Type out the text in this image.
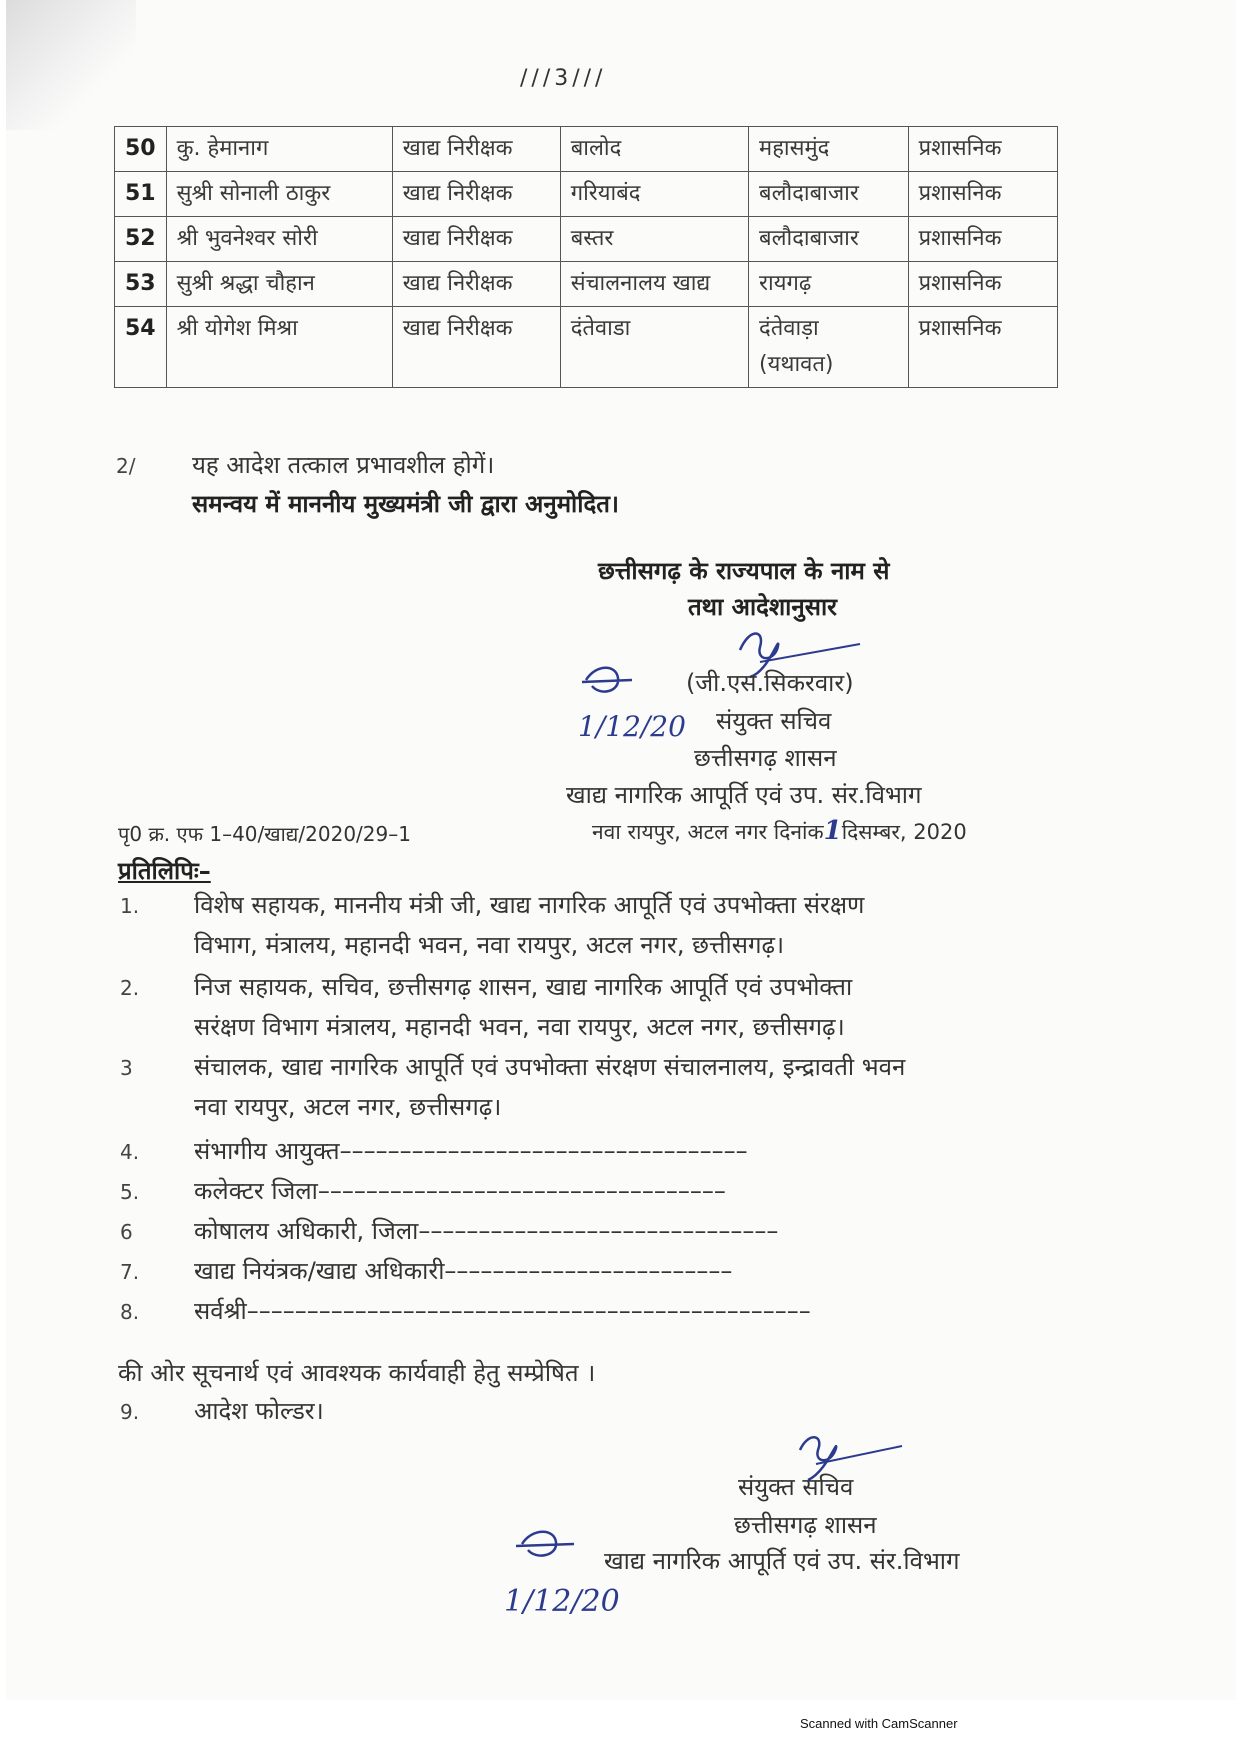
///3///
50	कु. हेमानाग	खाद्य निरीक्षक	बालोद	महासमुंद	प्रशासनिक
51	सुश्री सोनाली ठाकुर	खाद्य निरीक्षक	गरियाबंद	बलौदाबाजार	प्रशासनिक
52	श्री भुवनेश्वर सोरी	खाद्य निरीक्षक	बस्तर	बलौदाबाजार	प्रशासनिक
53	सुश्री श्रद्धा चौहान	खाद्य निरीक्षक	संचालनालय खाद्य	रायगढ़	प्रशासनिक
54	श्री योगेश मिश्रा	खाद्य निरीक्षक	दंतेवाडा	दंतेवाड़ा (यथावत)	प्रशासनिक
2/ यह आदेश तत्काल प्रभावशील होगें।
समन्वय में माननीय मुख्यमंत्री जी द्वारा अनुमोदित।
छत्तीसगढ़ के राज्यपाल के नाम से
तथा आदेशानुसार
1/12/20
(जी.एस.सिकरवार)
संयुक्त सचिव
छत्तीसगढ़ शासन
खाद्य नागरिक आपूर्ति एवं उप. संर.विभाग
पृ0 क्र. एफ 1–40/खाद्य/2020/29–1	नवा रायपुर, अटल नगर दिनांक1दिसम्बर, 2020
प्रतिलिपिः–
1. विशेष सहायक, माननीय मंत्री जी, खाद्य नागरिक आपूर्ति एवं उपभोक्ता संरक्षण
विभाग, मंत्रालय, महानदी भवन, नवा रायपुर, अटल नगर, छत्तीसगढ़।
2. निज सहायक, सचिव, छत्तीसगढ़ शासन, खाद्य नागरिक आपूर्ति एवं उपभोक्ता
सरंक्षण विभाग मंत्रालय, महानदी भवन, नवा रायपुर, अटल नगर, छत्तीसगढ़।
3	संचालक, खाद्य नागरिक आपूर्ति एवं उपभोक्ता संरक्षण संचालनालय, इन्द्रावती भवन
नवा रायपुर, अटल नगर, छत्तीसगढ़।
4. संभागीय आयुक्त––––––––––––––––––––––––––––––––––
5. कलेक्टर जिला––––––––––––––––––––––––––––––––––
6	कोषालय अधिकारी, जिला––––––––––––––––––––––––––––––
7. खाद्य नियंत्रक/खाद्य अधिकारी––––––––––––––––––––––––
8. सर्वश्री–––––––––––––––––––––––––––––––––––––––––––––––
की ओर सूचनार्थ एवं आवश्यक कार्यवाही हेतु सम्प्रेषित ।
9. आदेश फोल्डर।
संयुक्त सचिव
छत्तीसगढ़ शासन
खाद्य नागरिक आपूर्ति एवं उप. संर.विभाग
1/12/20
Scanned with CamScanner
